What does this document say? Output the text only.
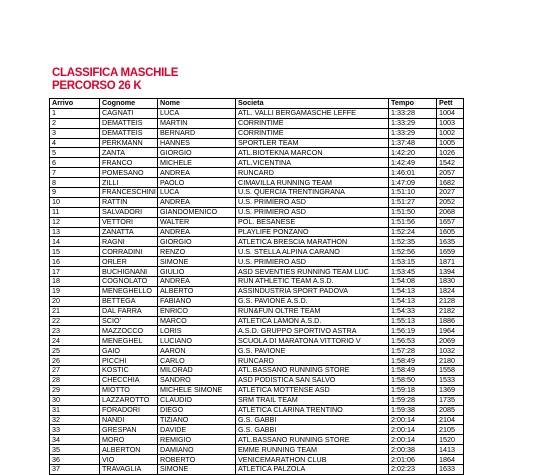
CLASSIFICA MASCHILE
PERCORSO 26 K
Arrivo	Cognome	Nome	Societa	Tempo	Pett
1	CAGNATI	LUCA	ATL. VALLI BERGAMASCHE LEFFE	1:33:28	1004
2	DEMATTEIS	MARTIN	CORRINTIME	1:33:29	1003
3	DEMATTEIS	BERNARD	CORRINTIME	1:33:29	1002
4	PERKMANN	HANNES	SPORTLER TEAM	1:37:48	1005
5	ZANTA	GIORGIO	ATL.BIOTEKNA MARCON	1:42:20	1026
6	FRANCO	MICHELE	ATL.VICENTINA	1:42:49	1542
7	POMESANO	ANDREA	RUNCARD	1:46:01	2057
8	ZILLI	PAOLO	CIMAVILLA RUNNING TEAM	1:47:09	1682
9	FRANCESCHINI	LUCA	U.S. QUERCIA TRENTINGRANA	1:51:10	2027
10	RATTIN	ANDREA	U.S. PRIMIERO ASD	1:51:27	2052
11	SALVADORI	GIANDOMENICO	U.S. PRIMIERO ASD	1:51:50	2068
12	VETTORI	WALTER	POL. BESANESE	1:51:56	1657
13	ZANATTA	ANDREA	PLAYLIFE PONZANO	1:52:24	1605
14	RAGNI	GIORGIO	ATLETICA BRESCIA MARATHON	1:52:35	1635
15	CORRADINI	RENZO	U.S. STELLA ALPINA CARANO	1:52:56	1659
16	ORLER	SIMONE	U.S. PRIMIERO ASD	1:53:15	1871
17	BUCHIGNANI	GIULIO	ASD SEVENTIES RUNNING TEAM LUC	1:53:45	1394
18	COGNOLATO	ANDREA	RUN ATHLETIC TEAM A.S.D.	1:54:08	1830
19	MENEGHELLO	ALBERTO	ASSINDUSTRIA SPORT PADOVA	1:54:13	1824
20	BETTEGA	FABIANO	G.S. PAVIONE A.S.D.	1:54:13	2128
21	DAL FARRA	ENRICO	RUN&FUN OLTRE TEAM	1:54:33	2182
22	SCIO'	MARCO	ATLETICA LAMON A.S.D.	1:55:13	1886
23	MAZZOCCO	LORIS	A.S.D. GRUPPO SPORTIVO ASTRA	1:56:19	1964
24	MENEGHEL	LUCIANO	SCUOLA DI MARATONA VITTORIO V	1:56:53	2069
25	GAIO	AARON	G.S. PAVIONE	1:57:28	1032
26	PICCHI	CARLO	RUNCARD	1:58:49	2180
27	KOSTIC	MILORAD	ATL.BASSANO RUNNING STORE	1:58:49	1558
28	CHECCHIA	SANDRO	ASD PODISTICA SAN SALVO	1:58:50	1533
29	MIOTTO	MICHELE SIMONE	ATLETICA MOTTENSE ASD	1:59:18	1369
30	LAZZAROTTO	CLAUDIO	SRM TRAIL TEAM	1:59:28	1735
31	FORADORI	DIEGO	ATLETICA CLARINA TRENTINO	1:59:38	2085
32	NANDI	TIZIANO	G.S. GABBI	2:00:14	2104
33	GRESPAN	DAVIDE	G.S. GABBI	2:00:14	2105
34	MORO	REMIGIO	ATL.BASSANO RUNNING STORE	2:00:14	1520
35	ALBERTON	DAMIANO	EMME RUNNING TEAM	2:00:38	1413
36	VIO	ROBERTO	VENICEMARATHON CLUB	2:01:06	1864
37	TRAVAGLIA	SIMONE	ATLETICA PALZOLA	2:02:23	1633
